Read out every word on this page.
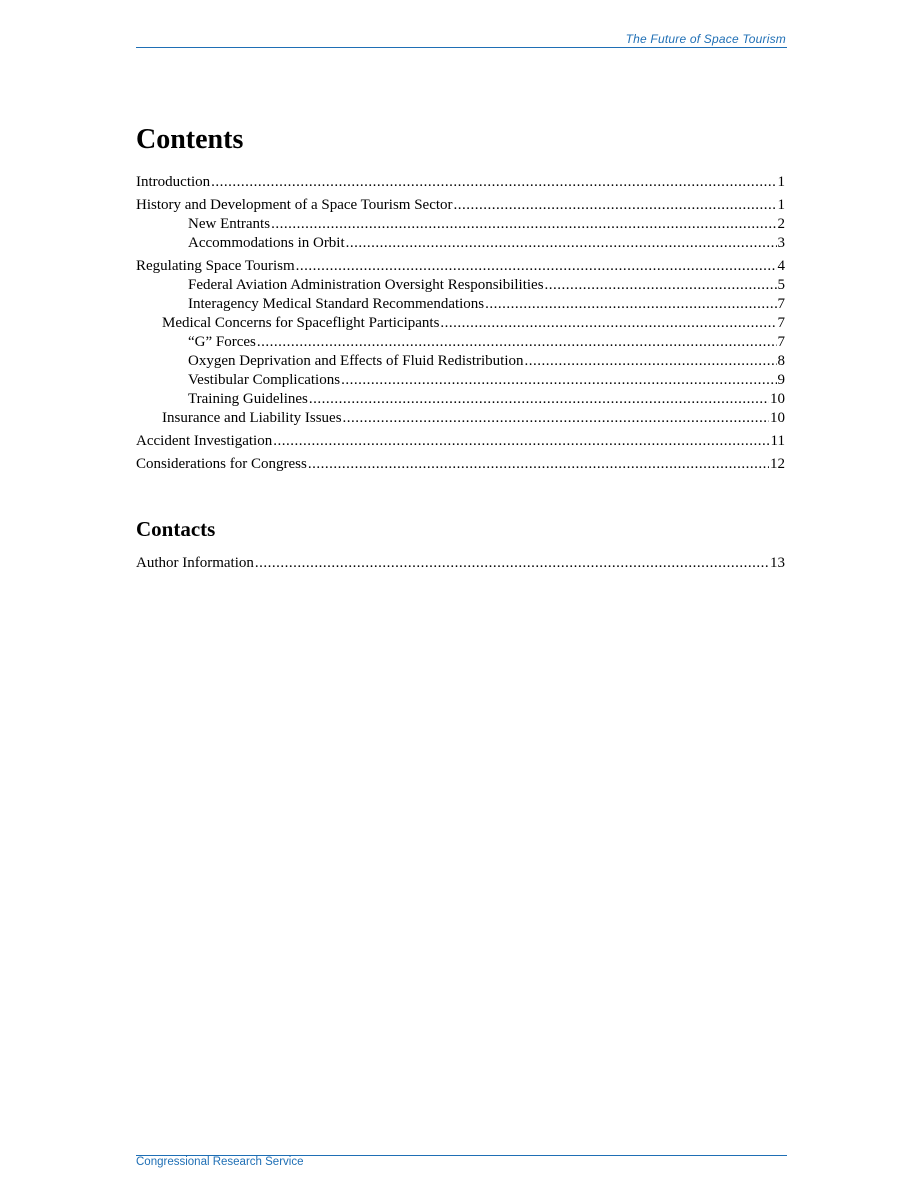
The Future of Space Tourism
Contents
Introduction .....	1
History and Development of a Space Tourism Sector .....	1
New Entrants .....	2
Accommodations in Orbit .....	3
Regulating Space Tourism .....	4
Federal Aviation Administration Oversight Responsibilities .....	5
Interagency Medical Standard Recommendations .....	7
Medical Concerns for Spaceflight Participants .....	7
“G” Forces .....	7
Oxygen Deprivation and Effects of Fluid Redistribution .....	8
Vestibular Complications .....	9
Training Guidelines .....	10
Insurance and Liability Issues .....	10
Accident Investigation .....	11
Considerations for Congress .....	12
Contacts
Author Information .....	13
Congressional Research Service
